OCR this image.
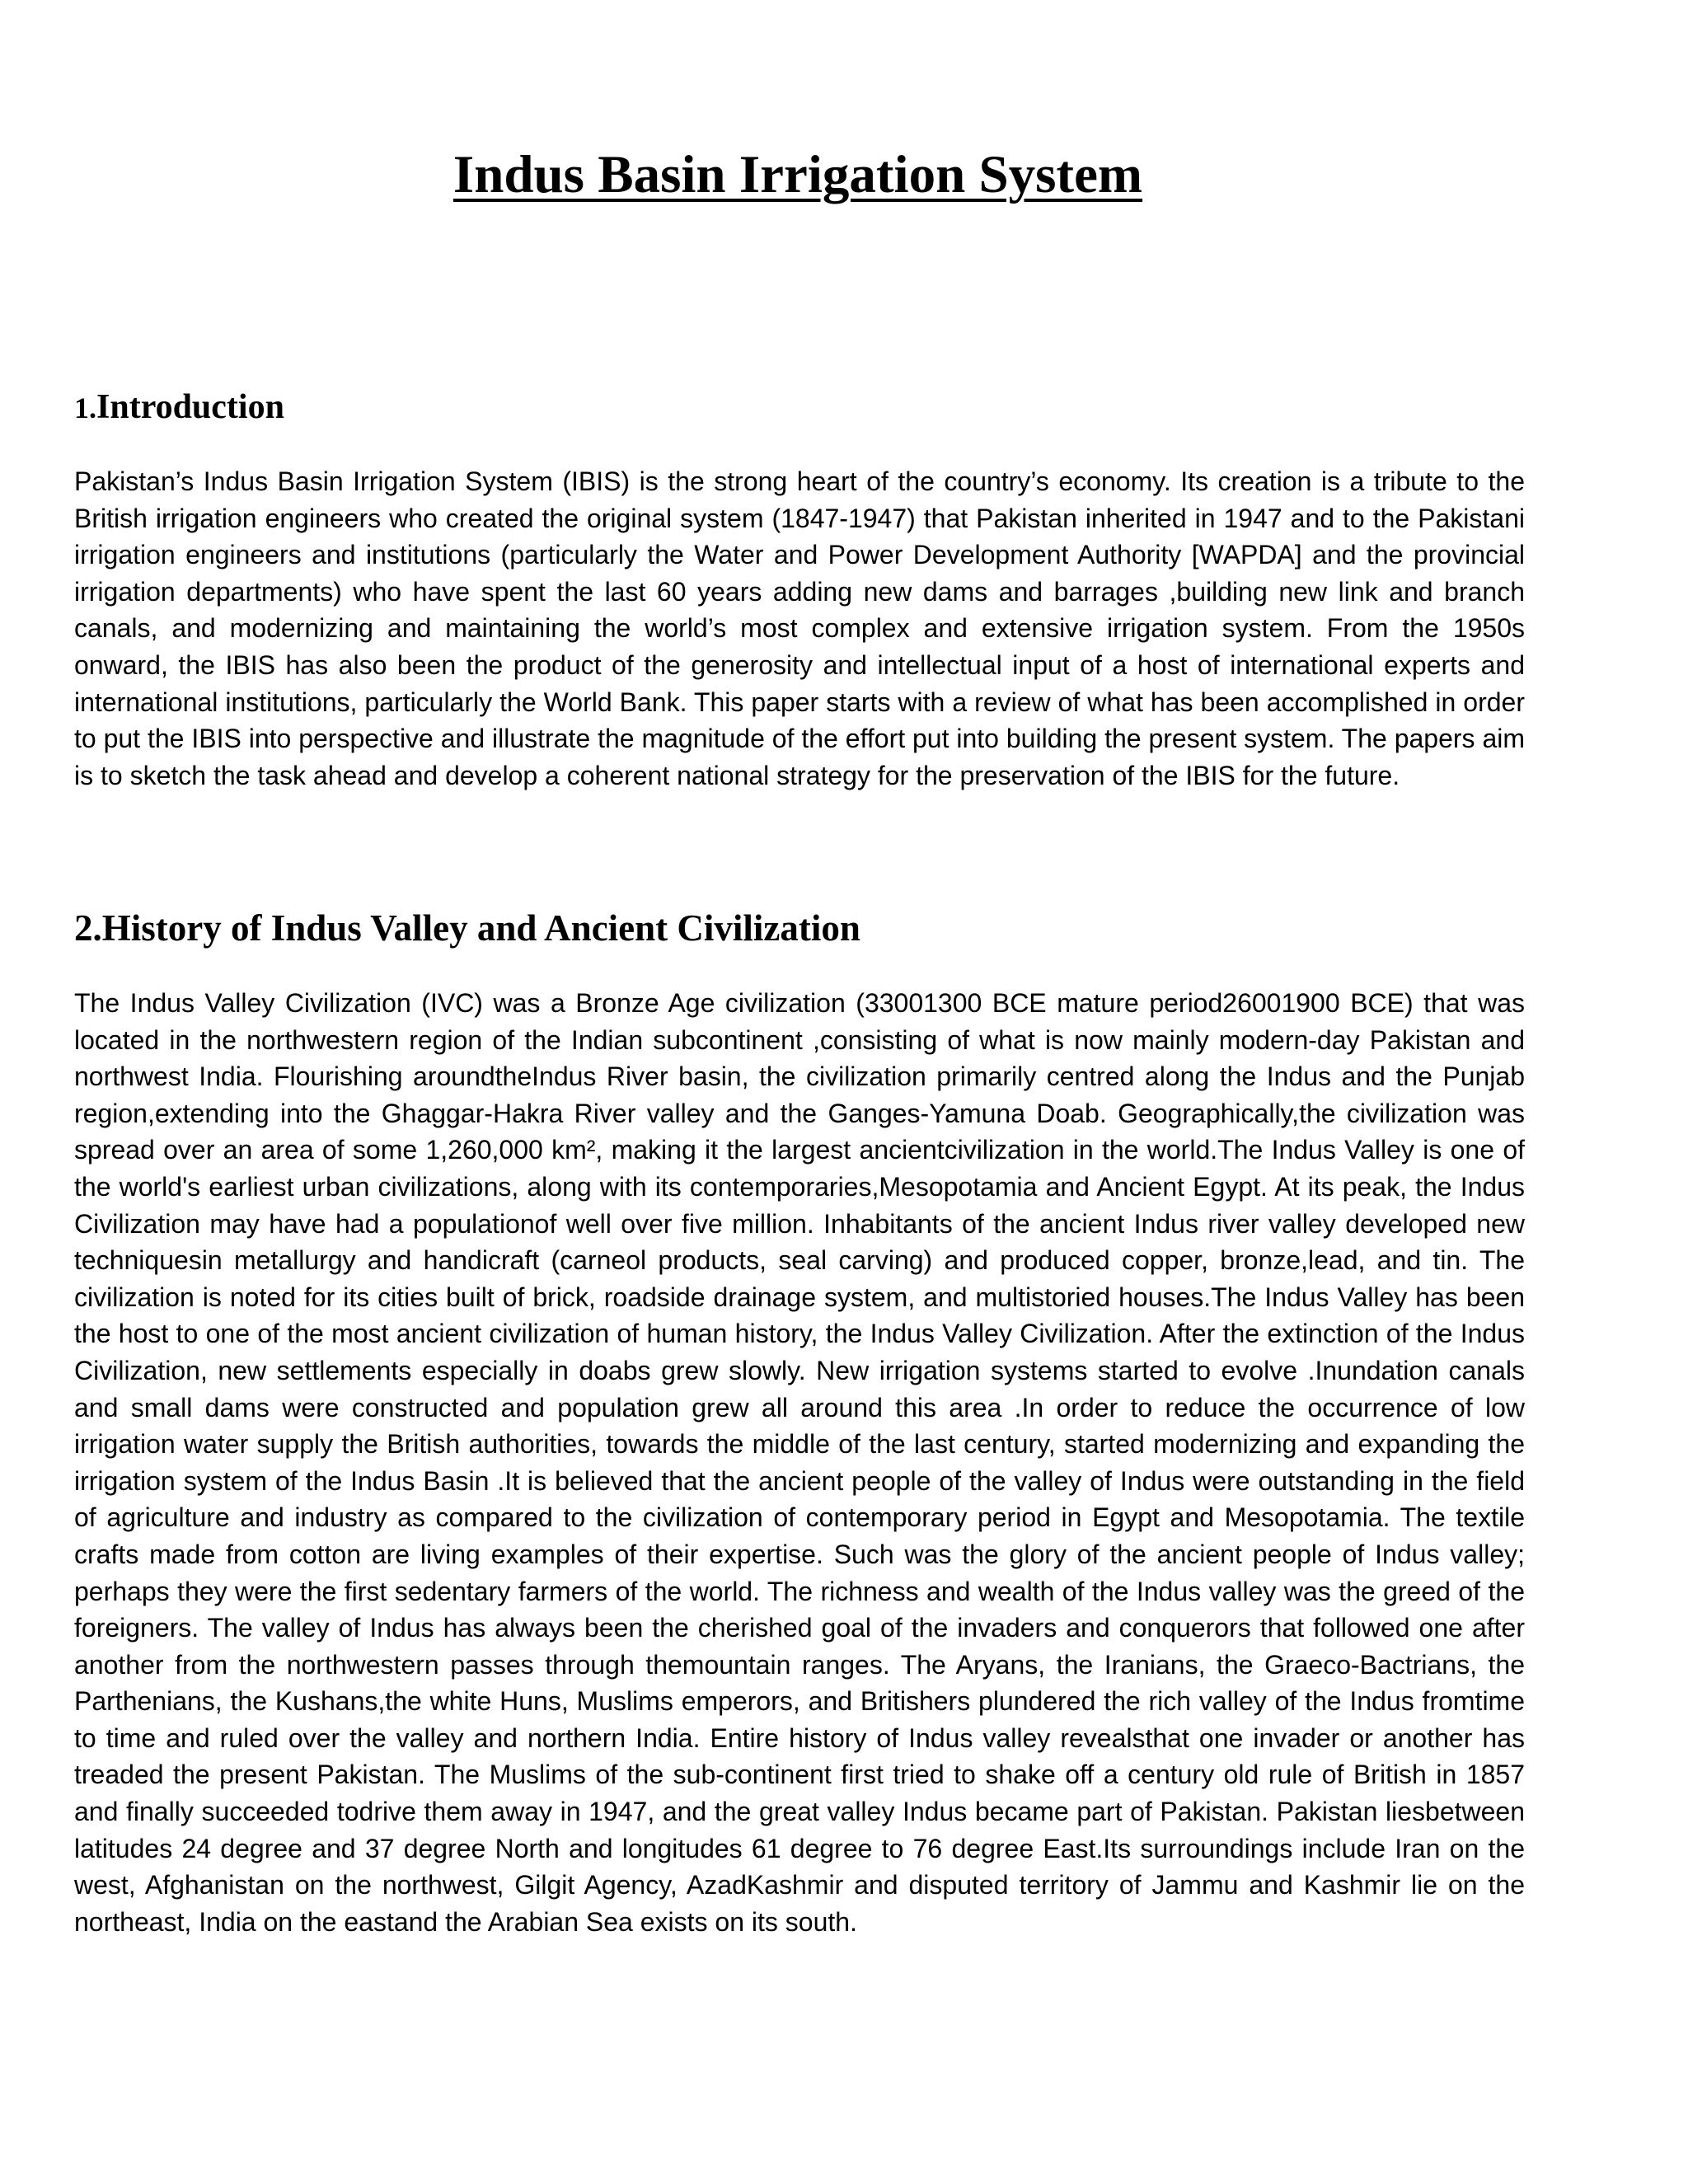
Indus Basin Irrigation System
1.Introduction

Pakistan’s Indus Basin Irrigation System (IBIS) is the strong heart of the country’s economy. Its creation is a tribute to the British irrigation engineers who created the original system (1847-1947) that Pakistan inherited in 1947 and to the Pakistani irrigation engineers and institutions (particularly the Water and Power Development Authority [WAPDA] and the provincial irrigation departments) who have spent the last 60 years adding new dams and barrages ,building new link and branch canals, and modernizing and maintaining the world’s most complex and extensive irrigation system. From the 1950s onward, the IBIS has also been the product of the generosity and intellectual input of a host of international experts and international institutions, particularly the World Bank. This paper starts with a review of what has been accomplished in order to put the IBIS into perspective and illustrate the magnitude of the effort put into building the present system. The papers aim is to sketch the task ahead and develop a coherent national strategy for the preservation of the IBIS for the future.

2.History of Indus Valley and Ancient Civilization

The Indus Valley Civilization (IVC) was a Bronze Age civilization (33001300 BCE mature period26001900 BCE) that was located in the northwestern region of the Indian subcontinent ,consisting of what is now mainly modern-day Pakistan and northwest India. Flourishing aroundtheIndus River basin, the civilization primarily centred along the Indus and the Punjab region,extending into the Ghaggar-Hakra River valley and the Ganges-Yamuna Doab. Geographically,the civilization was spread over an area of some 1,260,000 km², making it the largest ancientcivilization in the world.The Indus Valley is one of the world's earliest urban civilizations, along with its contemporaries,Mesopotamia and Ancient Egypt. At its peak, the Indus Civilization may have had a populationof well over five million. Inhabitants of the ancient Indus river valley developed new techniquesin metallurgy and handicraft (carneol products, seal carving) and produced copper, bronze,lead, and tin. The civilization is noted for its cities built of brick, roadside drainage system, and multistoried houses.The Indus Valley has been the host to one of the most ancient civilization of human history, the Indus Valley Civilization. After the extinction of the Indus Civilization, new settlements especially in doabs grew slowly. New irrigation systems started to evolve .Inundation canals and small dams were constructed and population grew all around this area .In order to reduce the occurrence of low irrigation water supply the British authorities, towards the middle of the last century, started modernizing and expanding the irrigation system of the Indus Basin .It is believed that the ancient people of the valley of Indus were outstanding in the field of agriculture and industry as compared to the civilization of contemporary period in Egypt and Mesopotamia. The textile crafts made from cotton are living examples of their expertise. Such was the glory of the ancient people of Indus valley; perhaps they were the first sedentary farmers of the world. The richness and wealth of the Indus valley was the greed of the foreigners. The valley of Indus has always been the cherished goal of the invaders and conquerors that followed one after another from the northwestern passes through themountain ranges. The Aryans, the Iranians, the Graeco-Bactrians, the Parthenians, the Kushans,the white Huns, Muslims emperors, and Britishers plundered the rich valley of the Indus fromtime to time and ruled over the valley and northern India. Entire history of Indus valley revealsthat one invader or another has treaded the present Pakistan. The Muslims of the sub-continent first tried to shake off a century old rule of British in 1857 and finally succeeded todrive them away in 1947, and the great valley Indus became part of Pakistan. Pakistan liesbetween latitudes 24 degree and 37 degree North and longitudes 61 degree to 76 degree East.Its surroundings include Iran on the west, Afghanistan on the northwest, Gilgit Agency, AzadKashmir and disputed territory of Jammu and Kashmir lie on the northeast, India on the eastand the Arabian Sea exists on its south.
